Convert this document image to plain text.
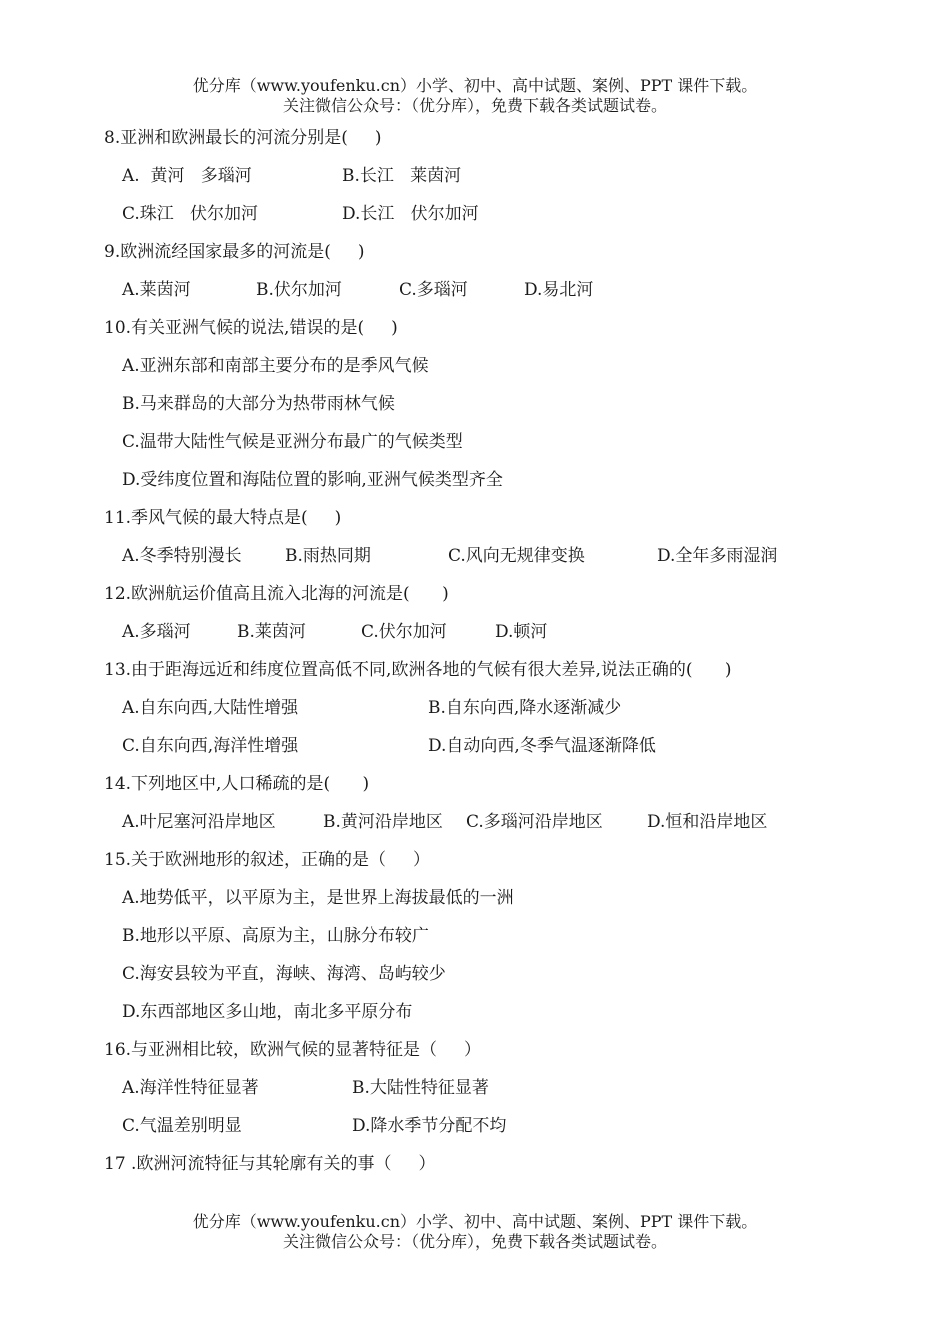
优分库（www.youfenku.cn）小学、初中、高中试题、案例、PPT 课件下载。
关注微信公众号：（优分库），免费下载各类试题试卷。
8.亚洲和欧洲最长的河流分别是(     )
A.  黄河   多瑙河	B.长江   莱茵河
C.珠江   伏尔加河	D.长江   伏尔加河
9.欧洲流经国家最多的河流是(     )
A.莱茵河	B.伏尔加河	C.多瑙河	D.易北河
10.有关亚洲气候的说法,错误的是(     )
A.亚洲东部和南部主要分布的是季风气候
B.马来群岛的大部分为热带雨林气候
C.温带大陆性气候是亚洲分布最广的气候类型
D.受纬度位置和海陆位置的影响,亚洲气候类型齐全
11.季风气候的最大特点是(     )
A.冬季特别漫长	B.雨热同期	C.风向无规律变换	D.全年多雨湿润
12.欧洲航运价值高且流入北海的河流是(      )
A.多瑙河	B.莱茵河	C.伏尔加河	D.顿河
13.由于距海远近和纬度位置高低不同,欧洲各地的气候有很大差异,说法正确的(      )
A.自东向西,大陆性增强	B.自东向西,降水逐渐减少
C.自东向西,海洋性增强	D.自动向西,冬季气温逐渐降低
14.下列地区中,人口稀疏的是(      )
A.叶尼塞河沿岸地区	B.黄河沿岸地区 C.多瑙河沿岸地区	D.恒和沿岸地区
15.关于欧洲地形的叙述，正确的是（     ）
A.地势低平，以平原为主，是世界上海拔最低的一洲
B.地形以平原、高原为主，山脉分布较广
C.海安县较为平直，海峡、海湾、岛屿较少
D.东西部地区多山地，南北多平原分布
16.与亚洲相比较，欧洲气候的显著特征是（     ）
A.海洋性特征显著	B.大陆性特征显著
C.气温差别明显	D.降水季节分配不均
17 .欧洲河流特征与其轮廓有关的事（     ）
优分库（www.youfenku.cn）小学、初中、高中试题、案例、PPT 课件下载。
关注微信公众号：（优分库），免费下载各类试题试卷。
